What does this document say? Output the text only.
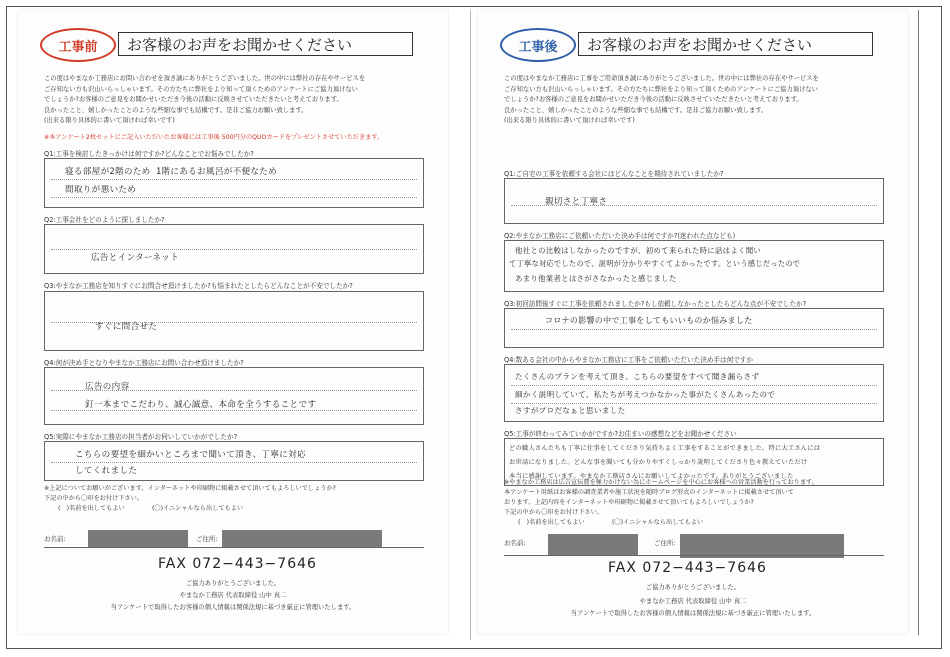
工事前	お客様のお声をお聞かせください
この度はやまなか工務店にお問い合わせを頂き誠にありがとうございました。世の中には弊社の存在やサービスを
ご存知ない方も沢山いらっしゃいます。その方たちに弊社をより知って頂くためのアンケートにご協力頂けない
でしょうか?お客様のご意見をお聞かせいただき今後の活動に反映させていただきたいと考えております。
良かったこと、嬉しかったことのような些細な事でも結構です。是非ご協力お願い致します。
(出来る限り具体的に書いて頂ければ幸いです)
※本アンケート2枚セットにご記入いただいたお客様には工事後 500円分のQUOカードをプレゼントさせていただきます。
Q1:工事を検討したきっかけは何ですか?どんなことでお悩みでしたか?
寝る部屋が2階のため 1階にあるお風呂が不便なため
間取りが悪いため
Q2:工事会社をどのように探しましたか?
広告とインターネット
Q3:やまなか工務店を知りすぐにお問合せ頂けましたか?も悩まれたとしたらどんなことが不安でしたか?
すぐに問合せた
Q4:何が決め手となりやまなか工務店にお問い合わせ頂けましたか?
広告の内容
釘一本までこだわり、誠心誠意、本命を全うすることです
Q5:実際にやまなか工務店の担当者がお伺いしていかがでしたか?
こちらの要望を細かいところまで聞いて頂き、丁寧に対応
してくれました
※上記についてお願いがございます。インターネットや印刷物に掲載させて頂いてもよろしいでしょうか?
下記の中から〇印をお付け下さい。
(　)名前を出してもよい	(〇)イニシャルなら出してもよい
お名前:	ご住所:
FAX 072−443−7646
ご協力ありがとうございました。
やまなか工務店 代表取締役 山中 真二
当アンケートで取得したお客様の個人情報は関係法規に基づき厳正に管理いたします。
工事後	お客様のお声をお聞かせください
この度はやまなか工務店に工事をご用命頂き誠にありがとうございました。世の中には弊社の存在やサービスを
ご存知ない方も沢山いらっしゃいます。その方たちに弊社をより知って頂くためのアンケートにご協力頂けない
でしょうか?お客様のご意見をお聞かせいただき今後の活動に反映させていただきたいと考えております。
良かったこと、嬉しかったことのような些細な事でも結構です。是非ご協力お願い致します。
(出来る限り具体的に書いて頂ければ幸いです)
Q1:ご自宅の工事を依頼する会社にはどんなことを期待されていましたか?
親切さと丁寧さ
Q2:やまなか工務店にご依頼いただいた決め手は何ですか?(迷われた点なども)
他社との比較はしなかったのですが、初めて来られた時に話はよく聞い
て丁寧な対応でしたので、説明が分かりやすくてよかったです。という感じだったので
あまり他業者とはさがさなかったと感じました
Q3:初回訪問後すぐに工事を依頼されましたか?もし依頼しなかったとしたらどんな点が不安でしたか?
コロナの影響の中で工事をしてもいいものか悩みました
Q4:数ある会社の中からやまなか工務店に工事をご依頼いただいた決め手は何ですか
たくさんのプランを考えて頂き、こちらの要望をすべて聞き漏らさず
細かく説明していて、私たちが考えつかなかった事がたくさんあったので
さすがプロだなぁと思いました
Q5:工事が終わってみていかがですか?お住まいの感想などをお聞かせください
どの職人さんたちも丁寧に仕事をしてくださり気持ちよく工事をすることができました。特に大工さんには
お世話になりました。どんな事を聞いても分かりやすくしっかり説明してくださり色々教えていただけ
本当に感謝しています。やまなか工務店さんにお願いしてよかったです。ありがとうございました
※やまなか工務店は広告宣伝費を極力かけない為にホームページを中心にお客様への営業活動を行っております。
本アンケート用紙はお客様の調査業者や施工状況を随時ブログ形式のインターネットに掲載させて頂いて
おります。上記内容をインターネットや印刷物に掲載させて頂いてもよろしいでしょうか?
下記の中から〇印をお付け下さい。
(　)名前を出してもよい	(〇)イニシャルなら出してもよい
お名前:	ご住所:
FAX 072−443−7646
ご協力ありがとうございました。
やまなか工務店 代表取締役 山中 真二
当アンケートで取得したお客様の個人情報は関係法規に基づき厳正に管理いたします。
